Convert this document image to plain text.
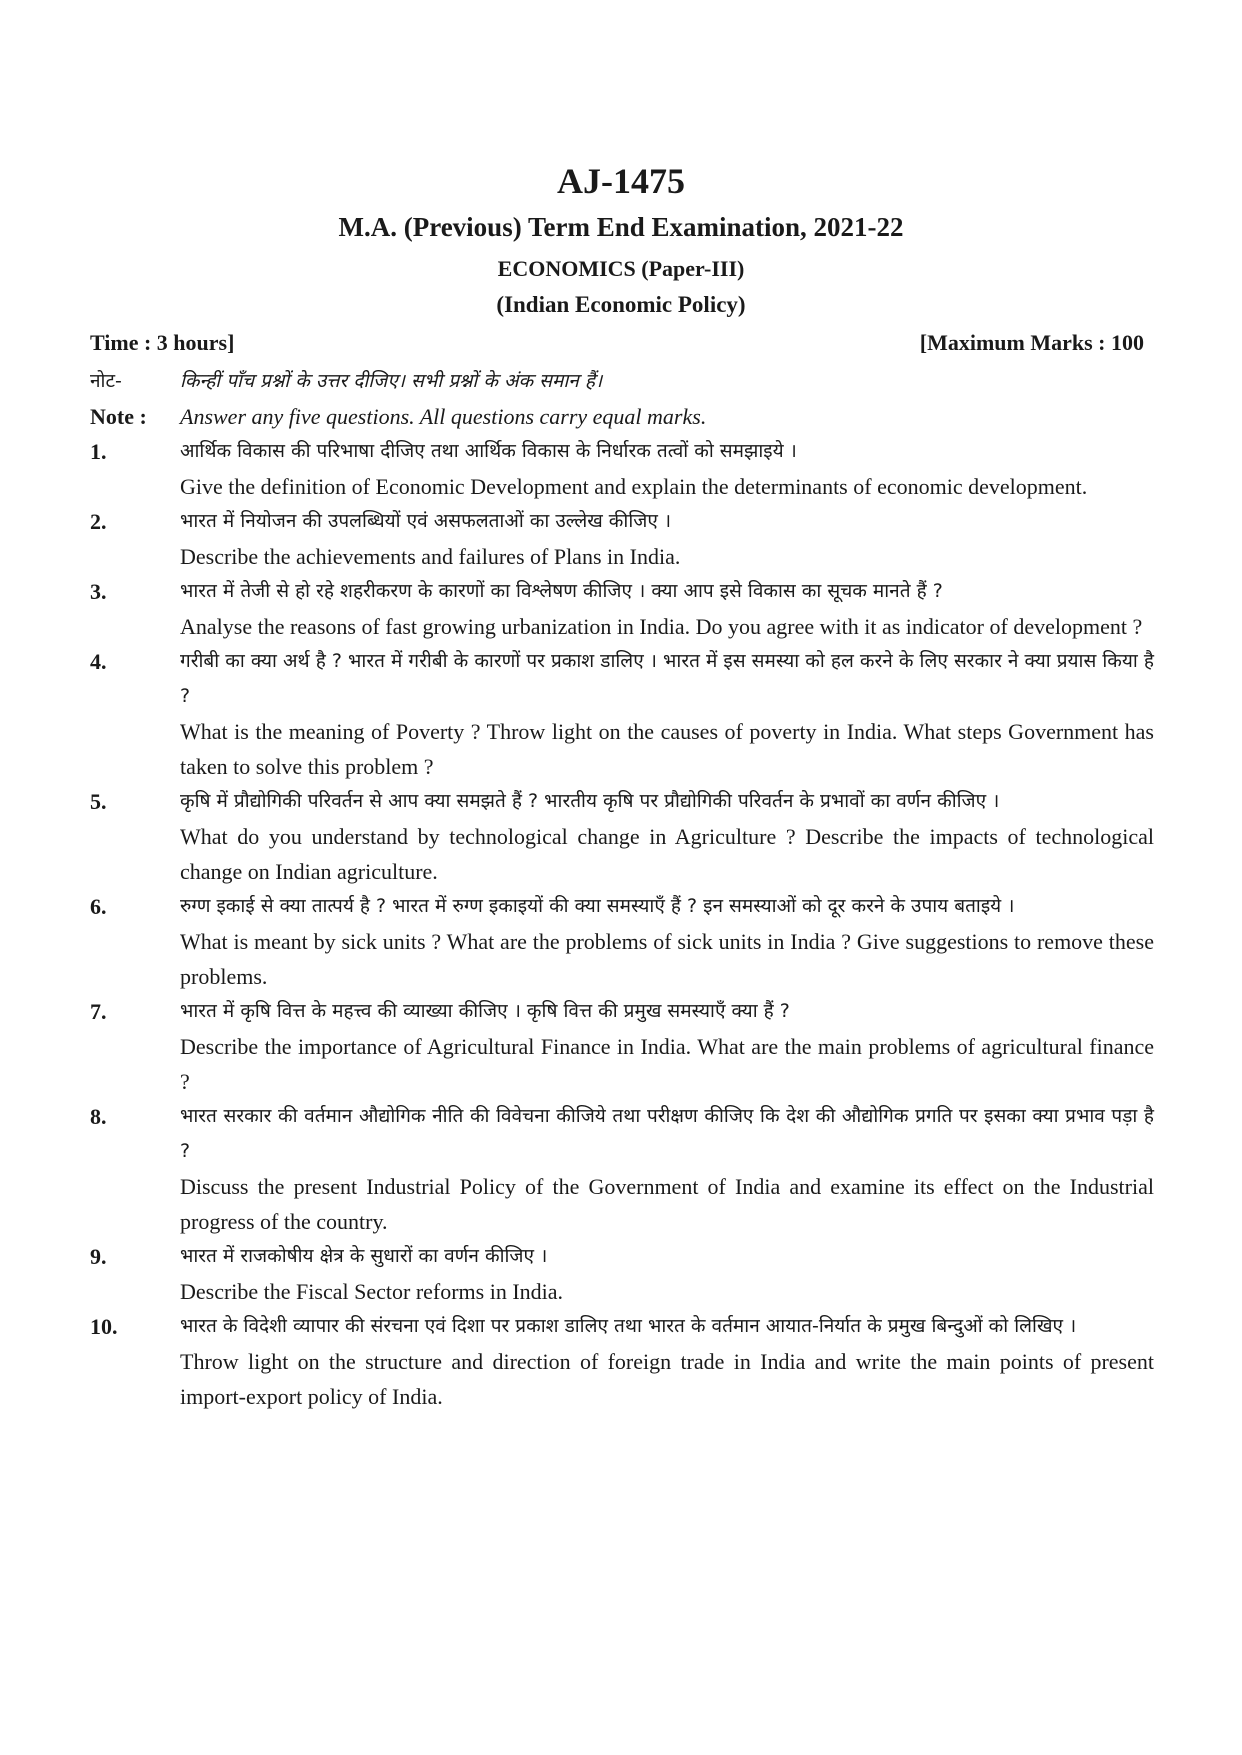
AJ-1475
M.A. (Previous) Term End Examination, 2021-22
ECONOMICS (Paper-III)
(Indian Economic Policy)
Time : 3 hours]	[Maximum Marks : 100
नोट-	किन्हीं पाँच प्रश्नों के उत्तर दीजिए। सभी प्रश्नों के अंक समान हैं।
Note :	Answer any five questions. All questions carry equal marks.
1.	आर्थिक विकास की परिभाषा दीजिए तथा आर्थिक विकास के निर्धारक तत्वों को समझाइये ।
Give the definition of Economic Development and explain the determinants of economic development.
2.	भारत में नियोजन की उपलब्धियों एवं असफलताओं का उल्लेख कीजिए ।
Describe the achievements and failures of Plans in India.
3.	भारत में तेजी से हो रहे शहरीकरण के कारणों का विश्लेषण कीजिए । क्या आप इसे विकास का सूचक मानते हैं ?
Analyse the reasons of fast growing urbanization in India. Do you agree with it as indicator of development ?
4.	गरीबी का क्या अर्थ है ? भारत में गरीबी के कारणों पर प्रकाश डालिए । भारत में इस समस्या को हल करने के लिए सरकार ने क्या प्रयास किया है ?
What is the meaning of Poverty ? Throw light on the causes of poverty in India. What steps Government has taken to solve this problem ?
5.	कृषि में प्रौद्योगिकी परिवर्तन से आप क्या समझते हैं ? भारतीय कृषि पर प्रौद्योगिकी परिवर्तन के प्रभावों का वर्णन कीजिए ।
What do you understand by technological change in Agriculture ? Describe the impacts of technological change on Indian agriculture.
6.	रुग्ण इकाई से क्या तात्पर्य है ? भारत में रुग्ण इकाइयों की क्या समस्याएँ हैं ? इन समस्याओं को दूर करने के उपाय बताइये ।
What is meant by sick units ? What are the problems of sick units in India ? Give suggestions to remove these problems.
7.	भारत में कृषि वित्त के महत्त्व की व्याख्या कीजिए । कृषि वित्त की प्रमुख समस्याएँ क्या हैं ?
Describe the importance of Agricultural Finance in India. What are the main problems of agricultural finance ?
8.	भारत सरकार की वर्तमान औद्योगिक नीति की विवेचना कीजिये तथा परीक्षण कीजिए कि देश की औद्योगिक प्रगति पर इसका क्या प्रभाव पड़ा है ?
Discuss the present Industrial Policy of the Government of India and examine its effect on the Industrial progress of the country.
9.	भारत में राजकोषीय क्षेत्र के सुधारों का वर्णन कीजिए ।
Describe the Fiscal Sector reforms in India.
10.	भारत के विदेशी व्यापार की संरचना एवं दिशा पर प्रकाश डालिए तथा भारत के वर्तमान आयात-निर्यात के प्रमुख बिन्दुओं को लिखिए ।
Throw light on the structure and direction of foreign trade in India and write the main points of present import-export policy of India.
